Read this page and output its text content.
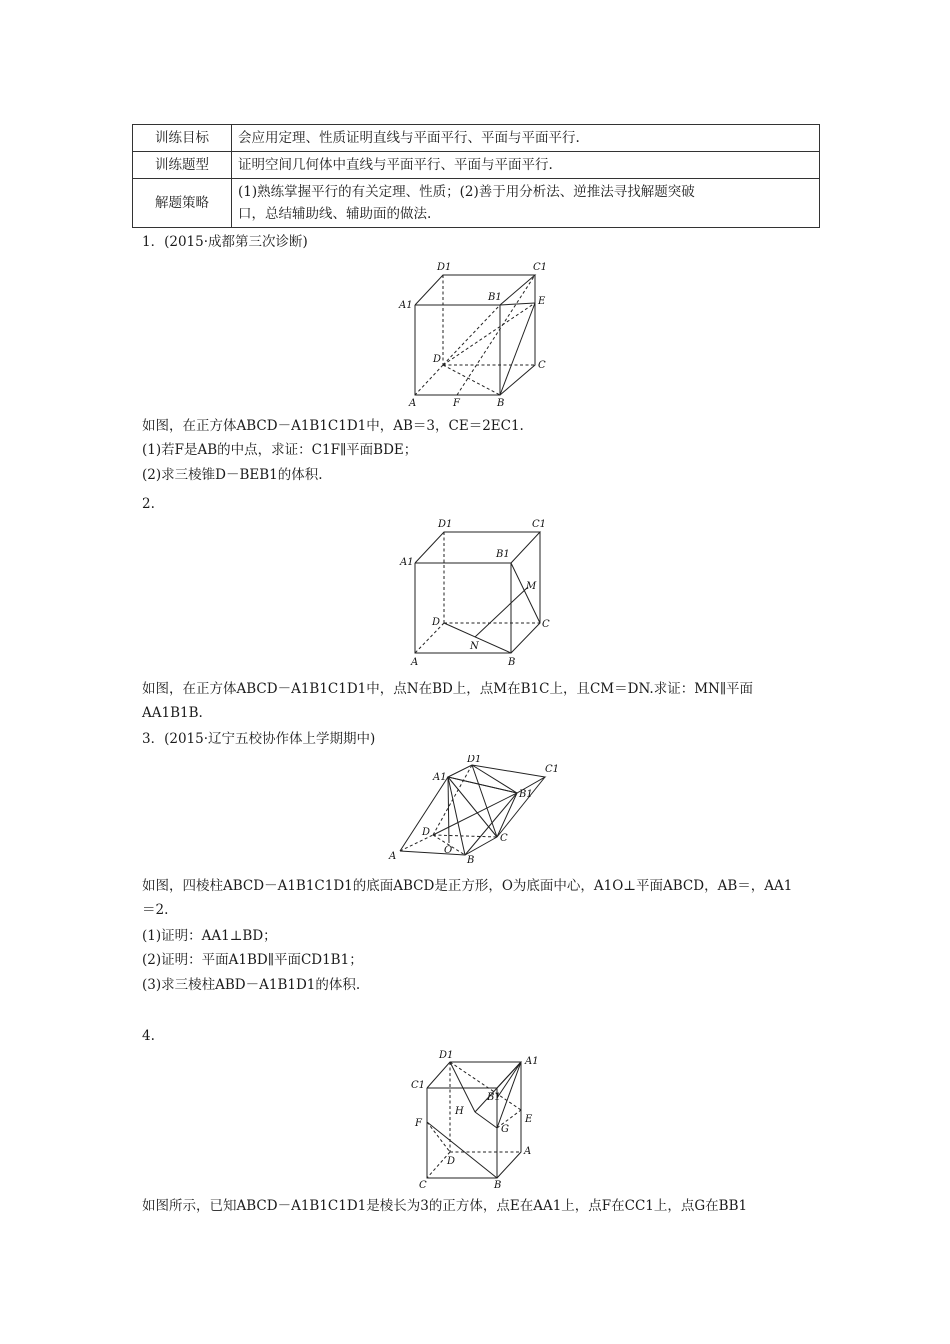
训练目标	会应用定理、性质证明直线与平面平行、平面与平面平行.
训练题型	证明空间几何体中直线与平面平行、平面与平面平行.
解题策略	(1)熟练掌握平行的有关定理、性质；(2)善于用分析法、逆推法寻找解题突破
口，总结辅助线、辅助面的做法.
1．(2015·成都第三次诊断)
D1	C1
A1
B1	E
D
C
A	F	B
如图，在正方体ABCD－A1B1C1D1中，AB＝3，CE＝2EC1.
(1)若F是AB的中点，求证：C1F∥平面BDE；
(2)求三棱锥D－BEB1的体积.
2.
D1	C1
A1
B1
M
D	C
A
N
B
如图，在正方体ABCD－A1B1C1D1中，点N在BD上，点M在B1C上，且CM＝DN.求证：MN∥平面
AA1B1B.
3．(2015·辽宁五校协作体上学期期中)
A1
D1
C1
B1
D
C
O
A	B
如图，四棱柱ABCD－A1B1C1D1的底面ABCD是正方形，O为底面中心，A1O⊥平面ABCD，AB＝，AA1
＝2.
(1)证明：AA1⊥BD；
(2)证明：平面A1BD∥平面CD1B1；
(3)求三棱柱ABD－A1B1D1的体积.
4.
D1
A1
C1
B1
H
G
E
F
D
A
C	B
如图所示，已知ABCD－A1B1C1D1是棱长为3的正方体，点E在AA1上，点F在CC1上，点G在BB1
